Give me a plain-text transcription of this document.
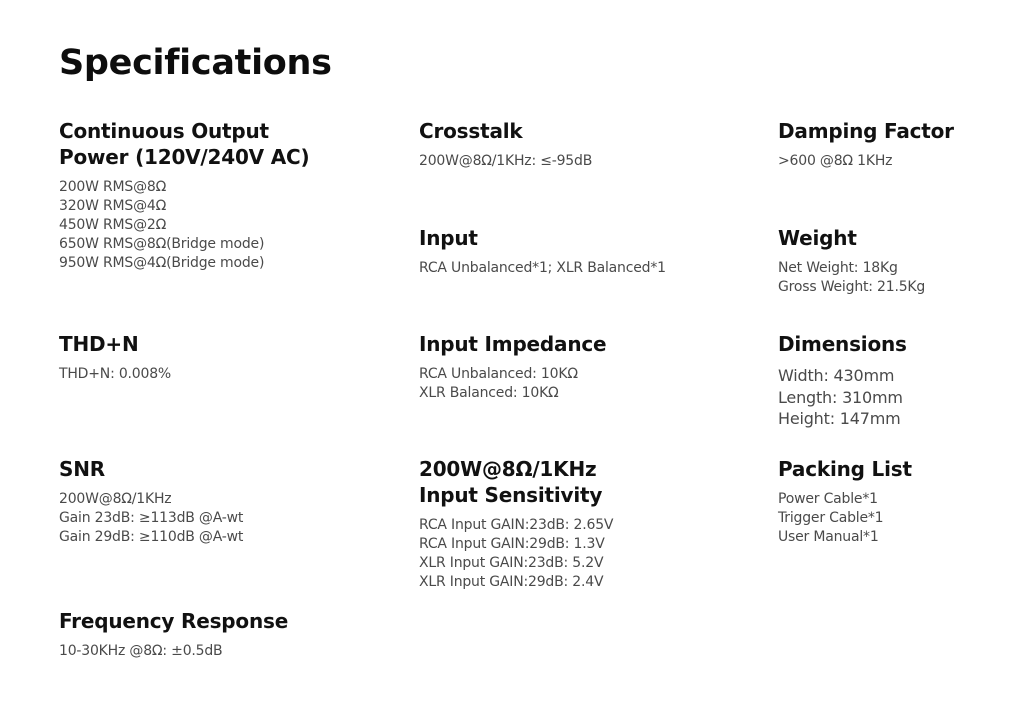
Specifications
Continuous Output
Power (120V/240V AC)
200W RMS@8Ω
320W RMS@4Ω
450W RMS@2Ω
650W RMS@8Ω(Bridge mode)
950W RMS@4Ω(Bridge mode)
THD+N
THD+N: 0.008%
SNR
200W@8Ω/1KHz
Gain 23dB: ≥113dB @A-wt
Gain 29dB: ≥110dB @A-wt
Frequency Response
10-30KHz @8Ω: ±0.5dB
Crosstalk
200W@8Ω/1KHz: ≤-95dB
Input
RCA Unbalanced*1; XLR Balanced*1
Input Impedance
RCA Unbalanced: 10KΩ
XLR Balanced: 10KΩ
200W@8Ω/1KHz
Input Sensitivity
RCA Input GAIN:23dB: 2.65V
RCA Input GAIN:29dB: 1.3V
XLR Input GAIN:23dB: 5.2V
XLR Input GAIN:29dB: 2.4V
Damping Factor
>600 @8Ω 1KHz
Weight
Net Weight: 18Kg
Gross Weight: 21.5Kg
Dimensions
Width: 430mm
Length: 310mm
Height: 147mm
Packing List
Power Cable*1
Trigger Cable*1
User Manual*1
